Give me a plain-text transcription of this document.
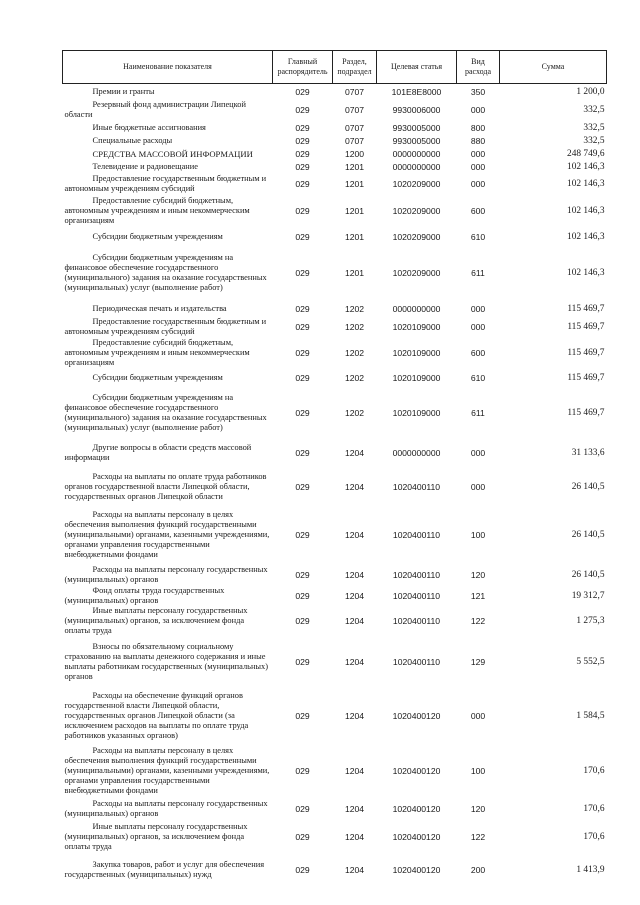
Наименование показателя	Главный распорядитель	Раздел, подраздел	Целевая статья	Вид расхода	Сумма
Премии и гранты	029	0707	101E8E8000	350	1 200,0
Резервный фонд администрации Липецкой области	029	0707	9930006000	000	332,5
Иные бюджетные ассигнования	029	0707	9930005000	800	332,5
Специальные расходы	029	0707	9930005000	880	332,5
СРЕДСТВА МАССОВОЙ ИНФОРМАЦИИ	029	1200	0000000000	000	248 749,6
Телевидение и радиовещание	029	1201	0000000000	000	102 146,3
Предоставление государственным бюджетным и автономным учреждениям субсидий	029	1201	1020209000	000	102 146,3
Предоставление субсидий бюджетным, автономным учреждениям и иным некоммерческим организациям	029	1201	1020209000	600	102 146,3
Субсидии бюджетным учреждениям	029	1201	1020209000	610	102 146,3
Субсидии бюджетным учреждениям на финансовое обеспечение государственного (муниципального) задания на оказание государственных (муниципальных) услуг (выполнение работ)	029	1201	1020209000	611	102 146,3
Периодическая печать и издательства	029	1202	0000000000	000	115 469,7
Предоставление государственным бюджетным и автономным учреждениям субсидий	029	1202	1020109000	000	115 469,7
Предоставление субсидий бюджетным, автономным учреждениям и иным некоммерческим организациям	029	1202	1020109000	600	115 469,7
Субсидии бюджетным учреждениям	029	1202	1020109000	610	115 469,7
Субсидии бюджетным учреждениям на финансовое обеспечение государственного (муниципального) задания на оказание государственных (муниципальных) услуг (выполнение работ)	029	1202	1020109000	611	115 469,7
Другие вопросы в области средств массовой информации	029	1204	0000000000	000	31 133,6
Расходы на выплаты по оплате труда работников органов государственной власти Липецкой области, государственных органов Липецкой области	029	1204	1020400110	000	26 140,5
Расходы на выплаты персоналу в целях обеспечения выполнения функций государственными (муниципальными) органами, казенными учреждениями, органами управления государственными внебюджетными фондами	029	1204	1020400110	100	26 140,5
Расходы на выплаты персоналу государственных (муниципальных) органов	029	1204	1020400110	120	26 140,5
Фонд оплаты труда государственных (муниципальных) органов	029	1204	1020400110	121	19 312,7
Иные выплаты персоналу государственных (муниципальных) органов, за исключением фонда оплаты труда	029	1204	1020400110	122	1 275,3
Взносы по обязательному социальному страхованию на выплаты денежного содержания и иные выплаты работникам государственных (муниципальных) органов	029	1204	1020400110	129	5 552,5
Расходы на обеспечение функций органов государственной власти Липецкой области, государственных органов Липецкой области (за исключением расходов на выплаты по оплате труда работников указанных органов)	029	1204	1020400120	000	1 584,5
Расходы на выплаты персоналу в целях обеспечения выполнения функций государственными (муниципальными) органами, казенными учреждениями, органами управления государственными внебюджетными фондами	029	1204	1020400120	100	170,6
Расходы на выплаты персоналу государственных (муниципальных) органов	029	1204	1020400120	120	170,6
Иные выплаты персоналу государственных (муниципальных) органов, за исключением фонда оплаты труда	029	1204	1020400120	122	170,6
Закупка товаров, работ и услуг для обеспечения государственных (муниципальных) нужд	029	1204	1020400120	200	1 413,9
